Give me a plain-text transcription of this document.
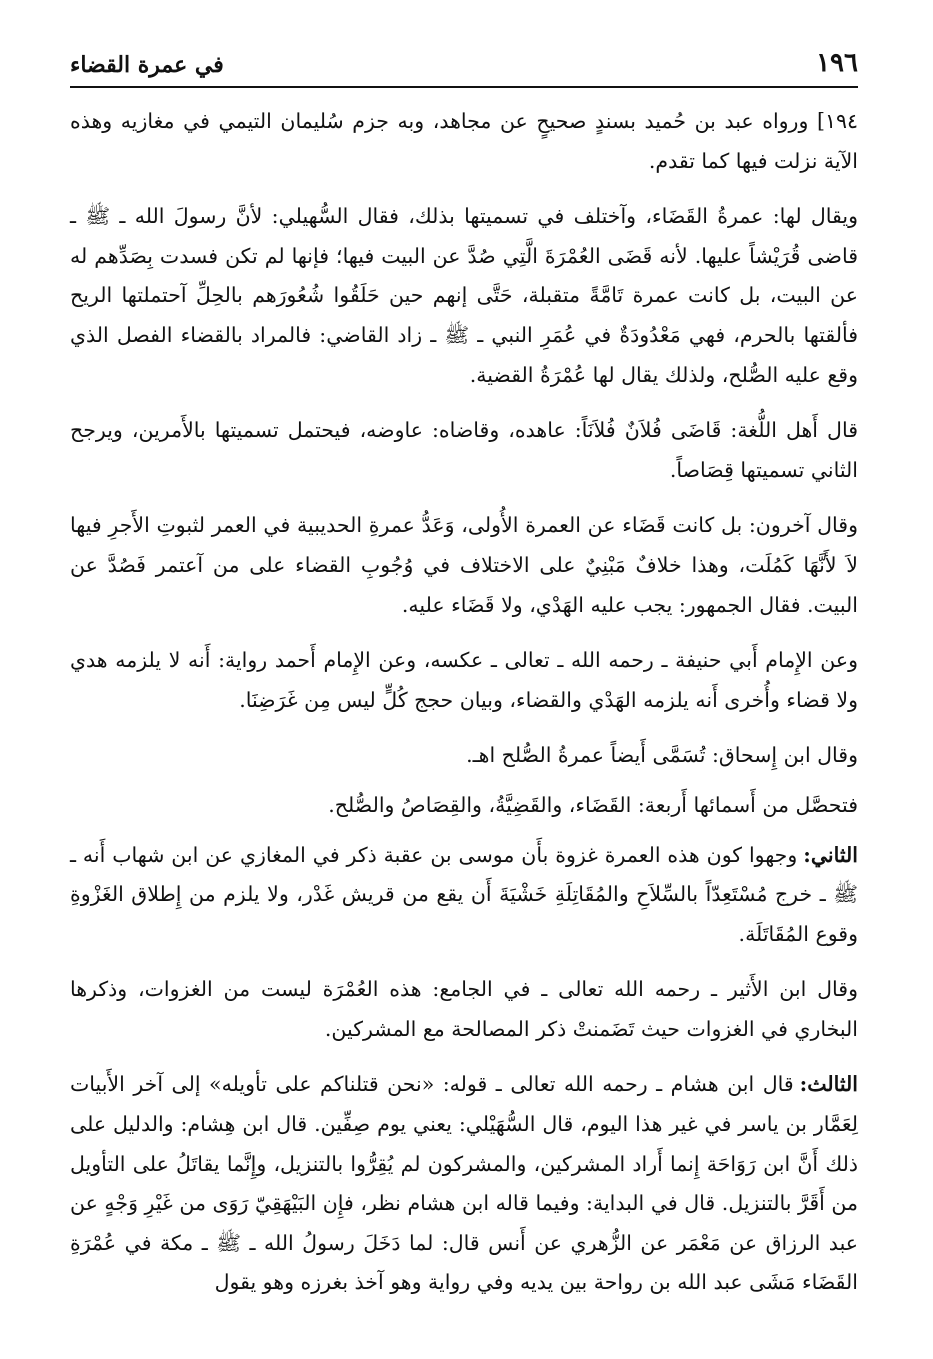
١٩٦
في عمرة القضاء

١٩٤] ورواه عبد بن حُميد بسندٍ صحيحٍ عن مجاهد، وبه جزم سُليمان التيمي في مغازيه وهذه الآية نزلت فيها كما تقدم.

ويقال لها: عمرةُ القَضَاء، وآختلف في تسميتها بذلك، فقال السُّهيلي: لأنَّ رسولَ الله ـ ﷺ ـ قاضى قُرَيْشاً عليها. لأنه قَضَى العُمْرَةَ الَّتِي صُدَّ عن البيت فيها؛ فإنها لم تكن فسدت بِصَدِّهم له عن البيت، بل كانت عمرة تَامَّةً متقبلة، حَتَّى إنهم حين حَلَقُوا شُعُورَهم بالحِلِّ آحتملتها الريح فألقتها بالحرم، فهي مَعْدُودَةٌ في عُمَرِ النبي ـ ﷺ ـ زاد القاضي: فالمراد بالقضاء الفصل الذي وقع عليه الصُّلح، ولذلك يقال لها عُمْرَةُ القضية.

قال أَهل اللُّغة: قَاضَى فُلاَنٌ فُلاَنَاً: عاهده، وقاضاه: عاوضه، فيحتمل تسميتها بالأَمرين، ويرجح الثاني تسميتها قِصَاصاً.

وقال آخرون: بل كانت قَضَاء عن العمرة الأُولى، وَعَدُّ عمرةِ الحديبية في العمر لثبوتِ الأَجرِ فيها لاَ لأَنَّهَا كَمُلَت، وهذا خلافٌ مَبْنِيٌ على الاختلاف في وُجُوبِ القضاء على من آعتمر فَصُدَّ عن البيت. فقال الجمهور: يجب عليه الهَدْي، ولا قَضَاء عليه.

وعن الإِمام أَبي حنيفة ـ رحمه الله ـ تعالى ـ عكسه، وعن الإِمام أَحمد رواية: أَنه لا يلزمه هدي ولا قضاء وأُخرى أَنه يلزمه الهَدْي والقضاء، وبيان حجج كُلٍّ ليس مِن غَرَضِنَا.

وقال ابن إِسحاق: تُسَمَّى أَيضاً عمرةُ الصُّلح اهـ.

فتحصَّل من أَسمائها أَربعة: القَضَاء، والقَضِيَّةُ، والقِصَاصُ والصُّلح.

الثاني:وجهوا كون هذه العمرة غزوة بأَن موسى بن عقبة ذكر في المغازي عن ابن شهاب أَنه ـ ﷺ ـ خرج مُسْتَعِدّاً بالسِّلاَحِ والمُقَاتِلَةِ خَشْيَةَ أَن يقع من قريش غَدْر، ولا يلزم من إِطلاق الغَزْوةِ وقوع المُقَاتَلَة.

وقال ابن الأَثير ـ رحمه الله تعالى ـ في الجامع: هذه العُمْرَة ليست من الغزوات، وذكرها البخاري في الغزوات حيث تَضَمنتْ ذكر المصالحة مع المشركين.

الثالث:قال ابن هشام ـ رحمه الله تعالى ـ قوله: «نحن قتلناكم على تأويله» إلى آخر الأَبيات لِعَمَّار بن ياسر في غير هذا اليوم، قال السُّهَيْلي: يعني يوم صِفِّين. قال ابن هِشام: والدليل على ذلك أَنَّ ابن رَوَاحَة إِنما أَراد المشركين، والمشركون لم يُقِرُّوا بالتنزيل، وإِنَّما يقاتَلُ على التأويل من أَقَرَّ بالتنزيل. قال في البداية: وفيما قاله ابن هشام نظر، فإِن البَيْهَقِيّ رَوَى من غَيْرِ وَجْهٍ عن عبد الرزاق عن مَعْمَر عن الزُّهري عن أَنس قال: لما دَخَلَ رسولُ الله ـ ﷺ ـ مكة في عُمْرَةِ القَضَاء مَشَى عبد الله بن رواحة بين يديه وفي رواية وهو آخذ بغرزه وهو يقول
